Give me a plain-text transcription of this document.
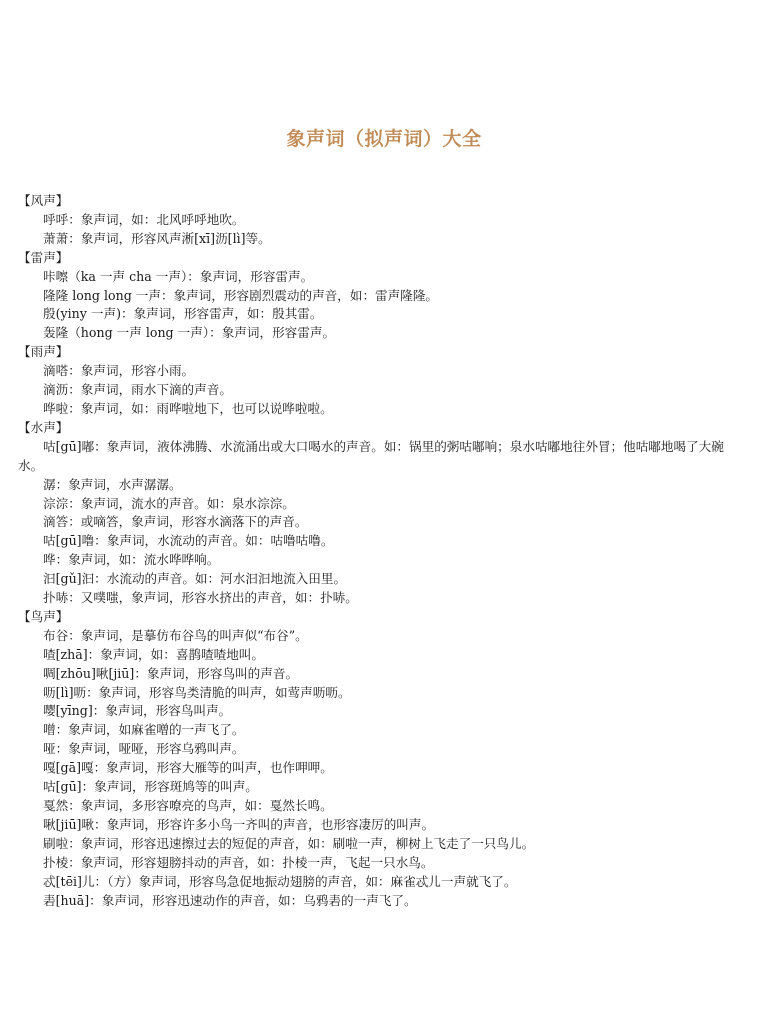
象声词（拟声词）大全
【风声】
呼呼：象声词，如：北风呼呼地吹。
萧萧：象声词，形容风声淅[xī]沥[lì]等。
【雷声】
咔嚓（ka 一声 cha 一声）：象声词，形容雷声。
隆隆 long long 一声：象声词，形容剧烈震动的声音，如：雷声隆隆。
殷(yiny 一声)：象声词，形容雷声，如：殷其雷。
轰隆（hong 一声 long 一声）：象声词，形容雷声。
【雨声】
滴嗒：象声词，形容小雨。
滴沥：象声词，雨水下滴的声音。
哗啦：象声词，如：雨哗啦地下，也可以说哗啦啦。
【水声】
咕[gū]嘟：象声词，液体沸腾、水流涌出或大口喝水的声音。如：锅里的粥咕嘟响；泉水咕嘟地往外冒；他咕嘟地喝了大碗水。
潺：象声词，水声潺潺。
淙淙：象声词，流水的声音。如：泉水淙淙。
滴答：或嘀答，象声词，形容水滴落下的声音。
咕[gū]噜：象声词，水流动的声音。如：咕噜咕噜。
哗：象声词，如：流水哗哗响。
汩[gǔ]汩：水流动的声音。如：河水汩汩地流入田里。
扑哧：又噗嗤，象声词，形容水挤出的声音，如：扑哧。
【鸟声】
布谷：象声词，是摹仿布谷鸟的叫声似“布谷”。
喳[zhā]：象声词，如：喜鹊喳喳地叫。
啁[zhōu]啾[jiū]：象声词，形容鸟叫的声音。
呖[lì]呖：象声词，形容鸟类清脆的叫声，如莺声呖呖。
嘤[yīng]：象声词，形容鸟叫声。
噌：象声词，如麻雀噌的一声飞了。
哑：象声词，哑哑，形容乌鸦叫声。
嘎[gā]嘎：象声词，形容大雁等的叫声，也作呷呷。
咕[gū]：象声词，形容斑鸠等的叫声。
戛然：象声词，多形容嘹亮的鸟声，如：戛然长鸣。
啾[jiū]啾：象声词，形容许多小鸟一齐叫的声音，也形容凄厉的叫声。
刷啦：象声词，形容迅速擦过去的短促的声音，如：刷啦一声，柳树上飞走了一只鸟儿。
扑棱：象声词，形容翅膀抖动的声音，如：扑棱一声，飞起一只水鸟。
忒[tēi]儿：（方）象声词，形容鸟急促地振动翅膀的声音，如：麻雀忒儿一声就飞了。
砉[huā]：象声词，形容迅速动作的声音，如：乌鸦砉的一声飞了。
